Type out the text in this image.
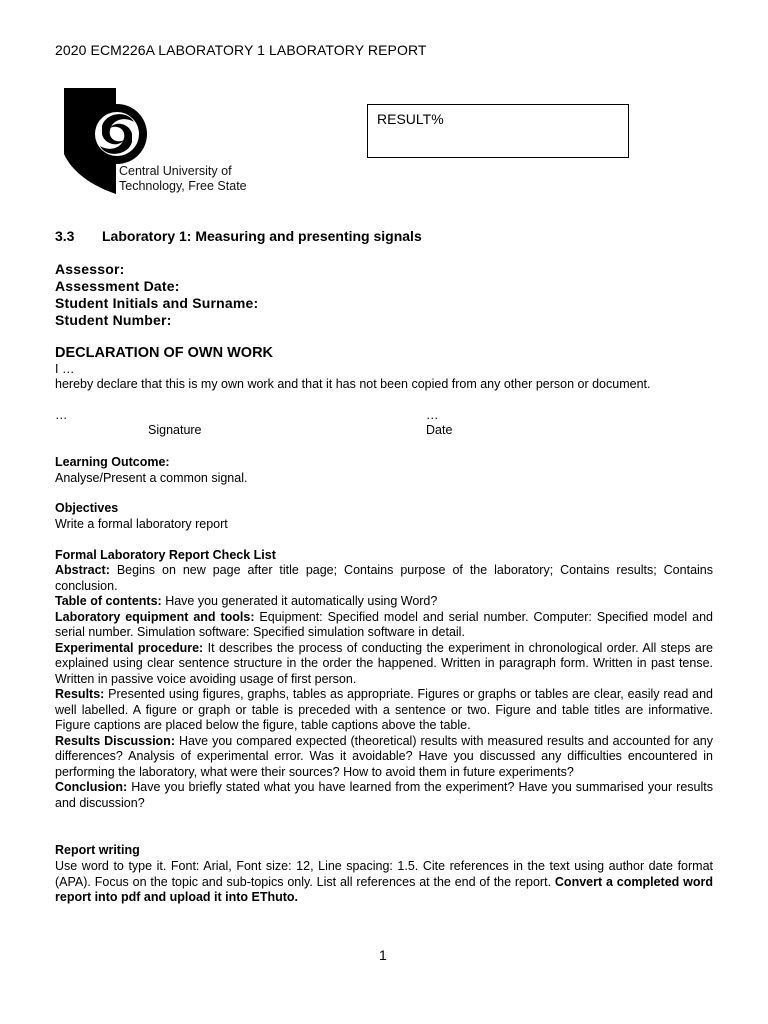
2020 ECM226A LABORATORY 1 LABORATORY REPORT
Central University of
Technology, Free State
RESULT%
3.3 Laboratory 1: Measuring and presenting signals
Assessor:
Assessment Date:
Student Initials and Surname:
Student Number:
DECLARATION OF OWN WORK
I …
hereby declare that this is my own work and that it has not been copied from any other person or document.
…	…
Signature	Date
Learning Outcome:
Analyse/Present a common signal.
Objectives
Write a formal laboratory report
Formal Laboratory Report Check List

Abstract: Begins on new page after title page; Contains purpose of the laboratory; Contains results; Contains conclusion.

Table of contents: Have you generated it automatically using Word?

Laboratory equipment and tools: Equipment: Specified model and serial number. Computer: Specified model and serial number. Simulation software: Specified simulation software in detail.

Experimental procedure: It describes the process of conducting the experiment in chronological order. All steps are explained using clear sentence structure in the order the happened. Written in paragraph form. Written in past tense. Written in passive voice avoiding usage of first person.

Results: Presented using figures, graphs, tables as appropriate. Figures or graphs or tables are clear, easily read and well labelled. A figure or graph or table is preceded with a sentence or two. Figure and table titles are informative. Figure captions are placed below the figure, table captions above the table.

Results Discussion: Have you compared expected (theoretical) results with measured results and accounted for any differences? Analysis of experimental error. Was it avoidable? Have you discussed any difficulties encountered in performing the laboratory, what were their sources? How to avoid them in future experiments?

Conclusion: Have you briefly stated what you have learned from the experiment? Have you summarised your results and discussion?

Report writing
Use word to type it. Font: Arial, Font size: 12, Line spacing: 1.5. Cite references in the text using author date format (APA). Focus on the topic and sub-topics only. List all references at the end of the report. Convert a completed word report into pdf and upload it into EThuto.
1
